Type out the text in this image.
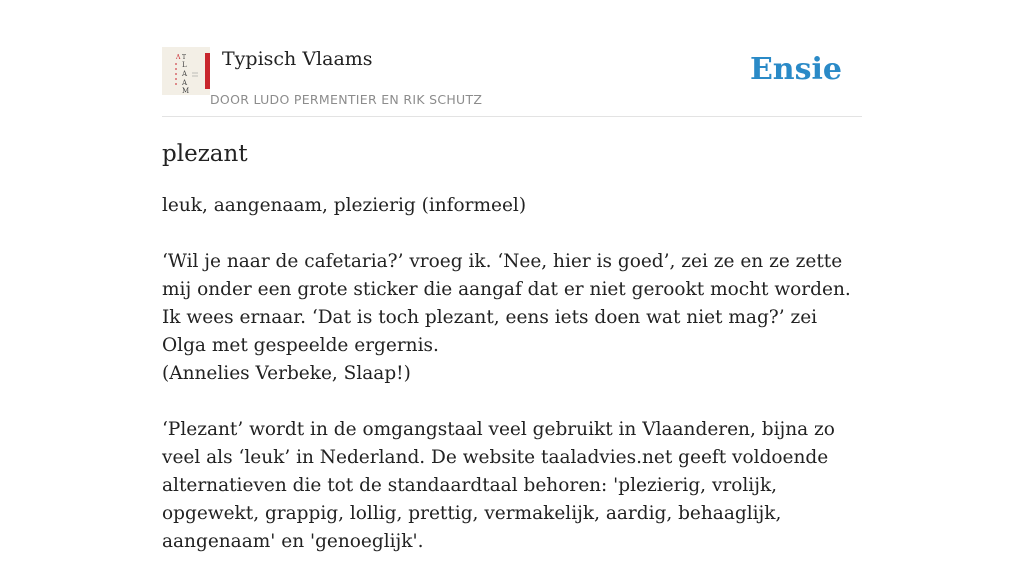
Ʌ T
L
A
A
M
Typisch Vlaams
DOOR LUDO PERMENTIER EN RIK SCHUTZ
Ensie
plezant

leuk, aangenaam, plezierig (informeel)

‘Wil je naar de cafetaria?’ vroeg ik. ‘Nee, hier is goed’, zei ze en ze zette mij onder een grote sticker die aangaf dat er niet gerookt mocht worden. Ik wees ernaar. ‘Dat is toch plezant, eens iets doen wat niet mag?’ zei Olga met gespeelde ergernis.
(Annelies Verbeke, Slaap!)

‘Plezant’ wordt in de omgangstaal veel gebruikt in Vlaanderen, bijna zo veel als ‘leuk’ in Nederland. De website taaladvies.net geeft voldoende alternatieven die tot de standaardtaal behoren: 'plezierig, vrolijk, opgewekt, grappig, lollig, prettig, vermakelijk, aardig, behaaglijk, aangenaam' en 'genoeglijk'.
